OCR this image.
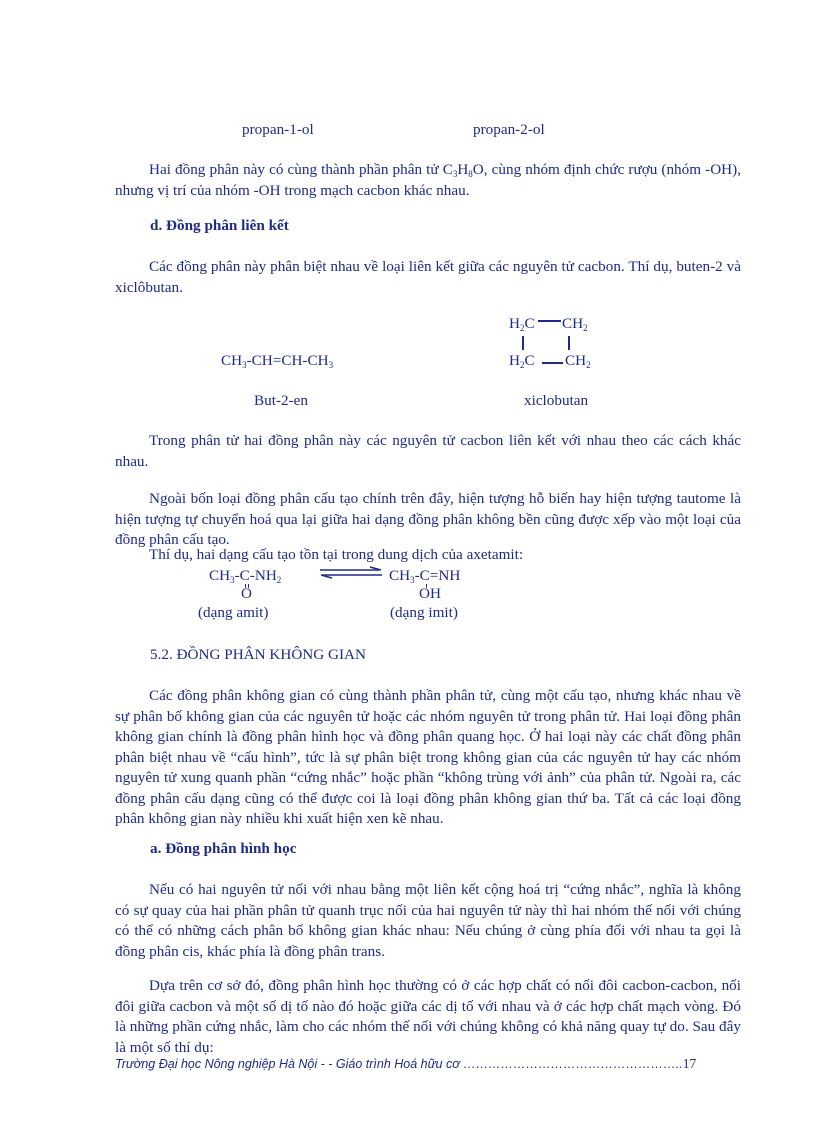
propan-1-ol	propan-2-ol
Hai đồng phân này có cùng thành phần phân tử $C_3H_8O$, cùng nhóm định chức rượu (nhóm -OH), nhưng vị trí của nhóm -OH trong mạch cacbon khác nhau.
d. Đồng phân liên kết
Các đồng phân này phân biệt nhau về loại liên kết giữa các nguyên tử cacbon. Thí dụ, buten-2 và xiclôbutan.
$CH_3-CH=CH-CH_3$
$H_2C$ $CH_2$
$H_2C$ $CH_2$
But-2-en	xiclobutan
Trong phân tử hai đồng phân này các nguyên tử cacbon liên kết với nhau theo các cách khác nhau.
Ngoài bốn loại đồng phân cấu tạo chính trên đây, hiện tượng hỗ biến hay hiện tượng tautome là hiện tượng tự chuyển hoá qua lại giữa hai dạng đồng phân không bền cũng được xếp vào một loại của đồng phân cấu tạo.
Thí dụ, hai dạng cấu tạo tồn tại trong dung dịch của axetamit:
$CH_3-C-NH_2$
O
$CH_3-C=NH$
OH
(dạng amit)	(dạng imit)
5.2. ĐỒNG PHÂN KHÔNG GIAN
Các đồng phân không gian có cùng thành phần phân tử, cùng một cấu tạo, nhưng khác nhau về sự phân bố không gian của các nguyên tử hoặc các nhóm nguyên tử trong phân tử. Hai loại đồng phân không gian chính là đồng phân hình học và đồng phân quang học. Ở hai loại này các chất đồng phân phân biệt nhau về “cấu hình”, tức là sự phân biệt trong không gian của các nguyên tử hay các nhóm nguyên tử xung quanh phần “cứng nhắc” hoặc phần “không trùng với ảnh” của phân tử. Ngoài ra, các đồng phân cấu dạng cũng có thể được coi là loại đồng phân không gian thứ ba. Tất cả các loại đồng phân không gian này nhiều khi xuất hiện xen kẽ nhau.
a. Đồng phân hình học
Nếu có hai nguyên tử nối với nhau bằng một liên kết cộng hoá trị “cứng nhắc”, nghĩa là không có sự quay của hai phần phân tử quanh trục nối của hai nguyên tử này thì hai nhóm thế nối với chúng có thể có những cách phân bố không gian khác nhau: Nếu chúng ở cùng phía đối với nhau ta gọi là đồng phân cis, khác phía là đồng phân trans.
Dựa trên cơ sở đó, đồng phân hình học thường có ở các hợp chất có nối đôi cacbon-cacbon, nối đôi giữa cacbon và một số dị tố nào đó hoặc giữa các dị tố với nhau và ở các hợp chất mạch vòng. Đó là những phần cứng nhắc, làm cho các nhóm thế nối với chúng không có khả năng quay tự do. Sau đây là một số thí dụ:
Trường Đại học Nông nghiệp Hà Nội - - Giáo trình Hoá hữu cơ ……………………………………………..17
